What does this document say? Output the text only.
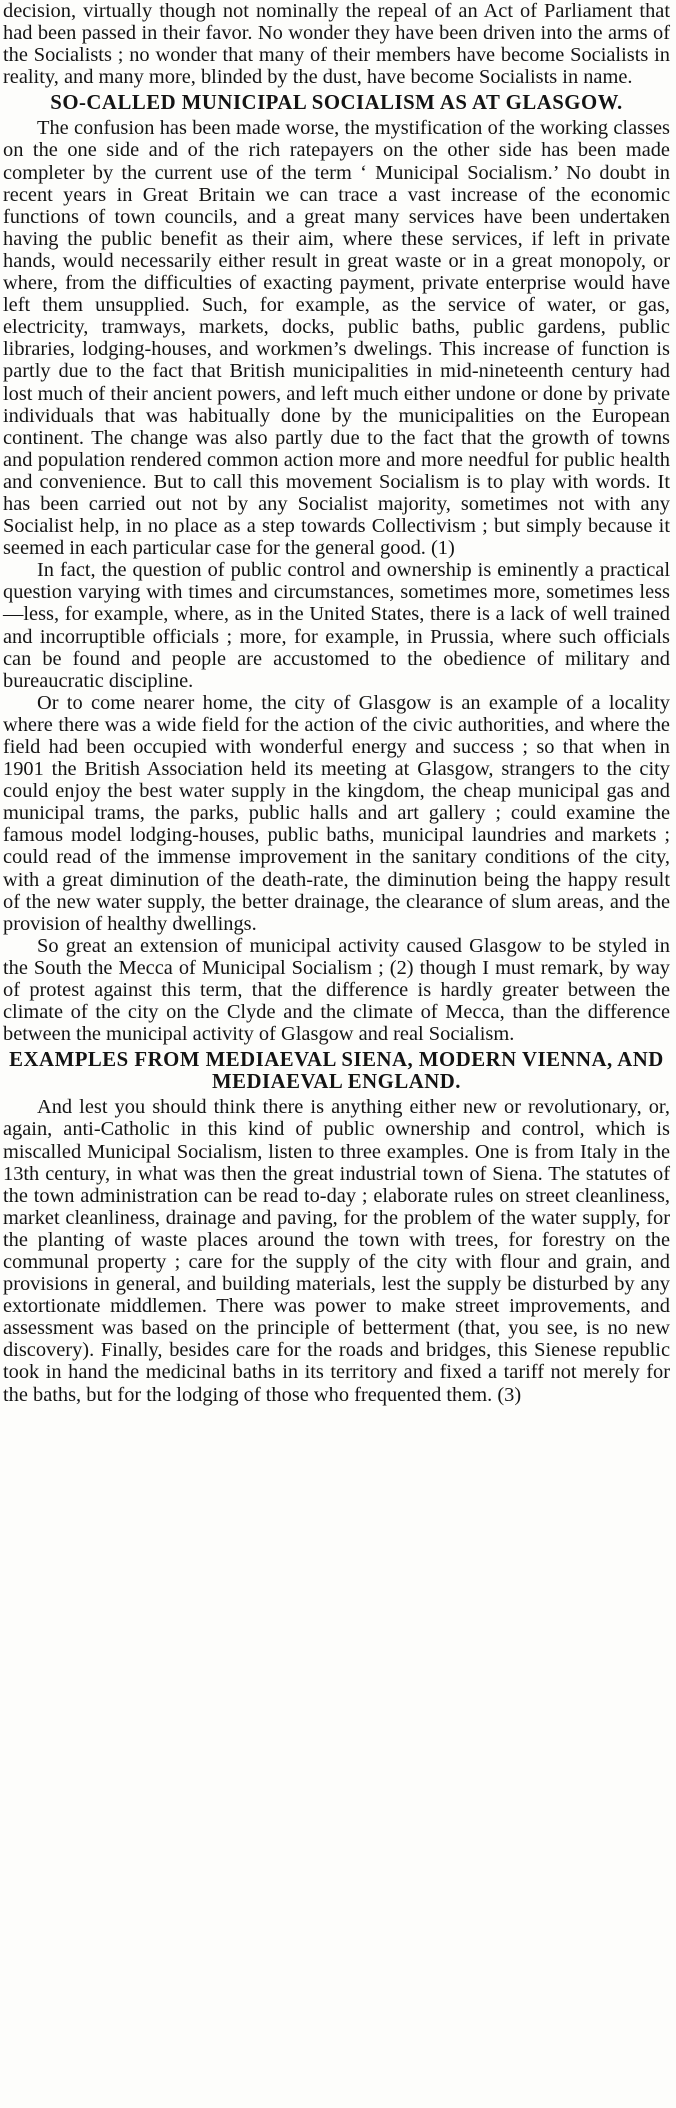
decision, virtually though not nominally the repeal of an Act of Parliament that had been passed in their favor. No wonder they have been driven into the arms of the Socialists ; no wonder that many of their members have become Socialists in reality, and many more, blinded by the dust, have become Socialists in name.

SO-CALLED MUNICIPAL SOCIALISM AS AT GLASGOW.

The confusion has been made worse, the mystification of the working classes on the one side and of the rich ratepayers on the other side has been made completer by the current use of the term ‘ Municipal Socialism.’ No doubt in recent years in Great Britain we can trace a vast increase of the economic functions of town councils, and a great many services have been undertaken having the public benefit as their aim, where these services, if left in private hands, would necessarily either result in great waste or in a great monopoly, or where, from the difficulties of exacting payment, private enterprise would have left them unsupplied. Such, for example, as the service of water, or gas, electricity, tramways, markets, docks, public baths, public gardens, public libraries, lodging-houses, and workmen’s dwelings. This increase of function is partly due to the fact that British municipalities in mid-nineteenth century had lost much of their ancient powers, and left much either undone or done by private individuals that was habitually done by the municipalities on the European continent. The change was also partly due to the fact that the growth of towns and population rendered common action more and more needful for public health and convenience. But to call this movement Socialism is to play with words. It has been carried out not by any Socialist majority, sometimes not with any Socialist help, in no place as a step towards Collectivism ; but simply because it seemed in each particular case for the general good. (1)

In fact, the question of public control and ownership is eminently a practical question varying with times and circumstances, sometimes more, sometimes less—less, for example, where, as in the United States, there is a lack of well trained and incorruptible officials ; more, for example, in Prussia, where such officials can be found and people are accustomed to the obedience of military and bureaucratic discipline.

Or to come nearer home, the city of Glasgow is an example of a locality where there was a wide field for the action of the civic authorities, and where the field had been occupied with wonderful energy and success ; so that when in 1901 the British Association held its meeting at Glasgow, strangers to the city could enjoy the best water supply in the kingdom, the cheap municipal gas and municipal trams, the parks, public halls and art gallery ; could examine the famous model lodging-houses, public baths, municipal laundries and markets ; could read of the immense improvement in the sanitary conditions of the city, with a great diminution of the death-rate, the diminution being the happy result of the new water supply, the better drainage, the clearance of slum areas, and the provision of healthy dwellings.

So great an extension of municipal activity caused Glasgow to be styled in the South the Mecca of Municipal Socialism ; (2) though I must remark, by way of protest against this term, that the difference is hardly greater between the climate of the city on the Clyde and the climate of Mecca, than the difference between the municipal activity of Glasgow and real Socialism.

EXAMPLES FROM MEDIAEVAL SIENA, MODERN VIENNA, AND MEDIAEVAL ENGLAND.

And lest you should think there is anything either new or revolutionary, or, again, anti-Catholic in this kind of public ownership and control, which is miscalled Municipal Socialism, listen to three examples. One is from Italy in the 13th century, in what was then the great industrial town of Siena. The statutes of the town administration can be read to-day ; elaborate rules on street cleanliness, market cleanliness, drainage and paving, for the problem of the water supply, for the planting of waste places around the town with trees, for forestry on the communal property ; care for the supply of the city with flour and grain, and provisions in general, and building materials, lest the supply be disturbed by any extortionate middlemen. There was power to make street improvements, and assessment was based on the principle of betterment (that, you see, is no new discovery). Finally, besides care for the roads and bridges, this Sienese republic took in hand the medicinal baths in its territory and fixed a tariff not merely for the baths, but for the lodging of those who frequented them. (3)
